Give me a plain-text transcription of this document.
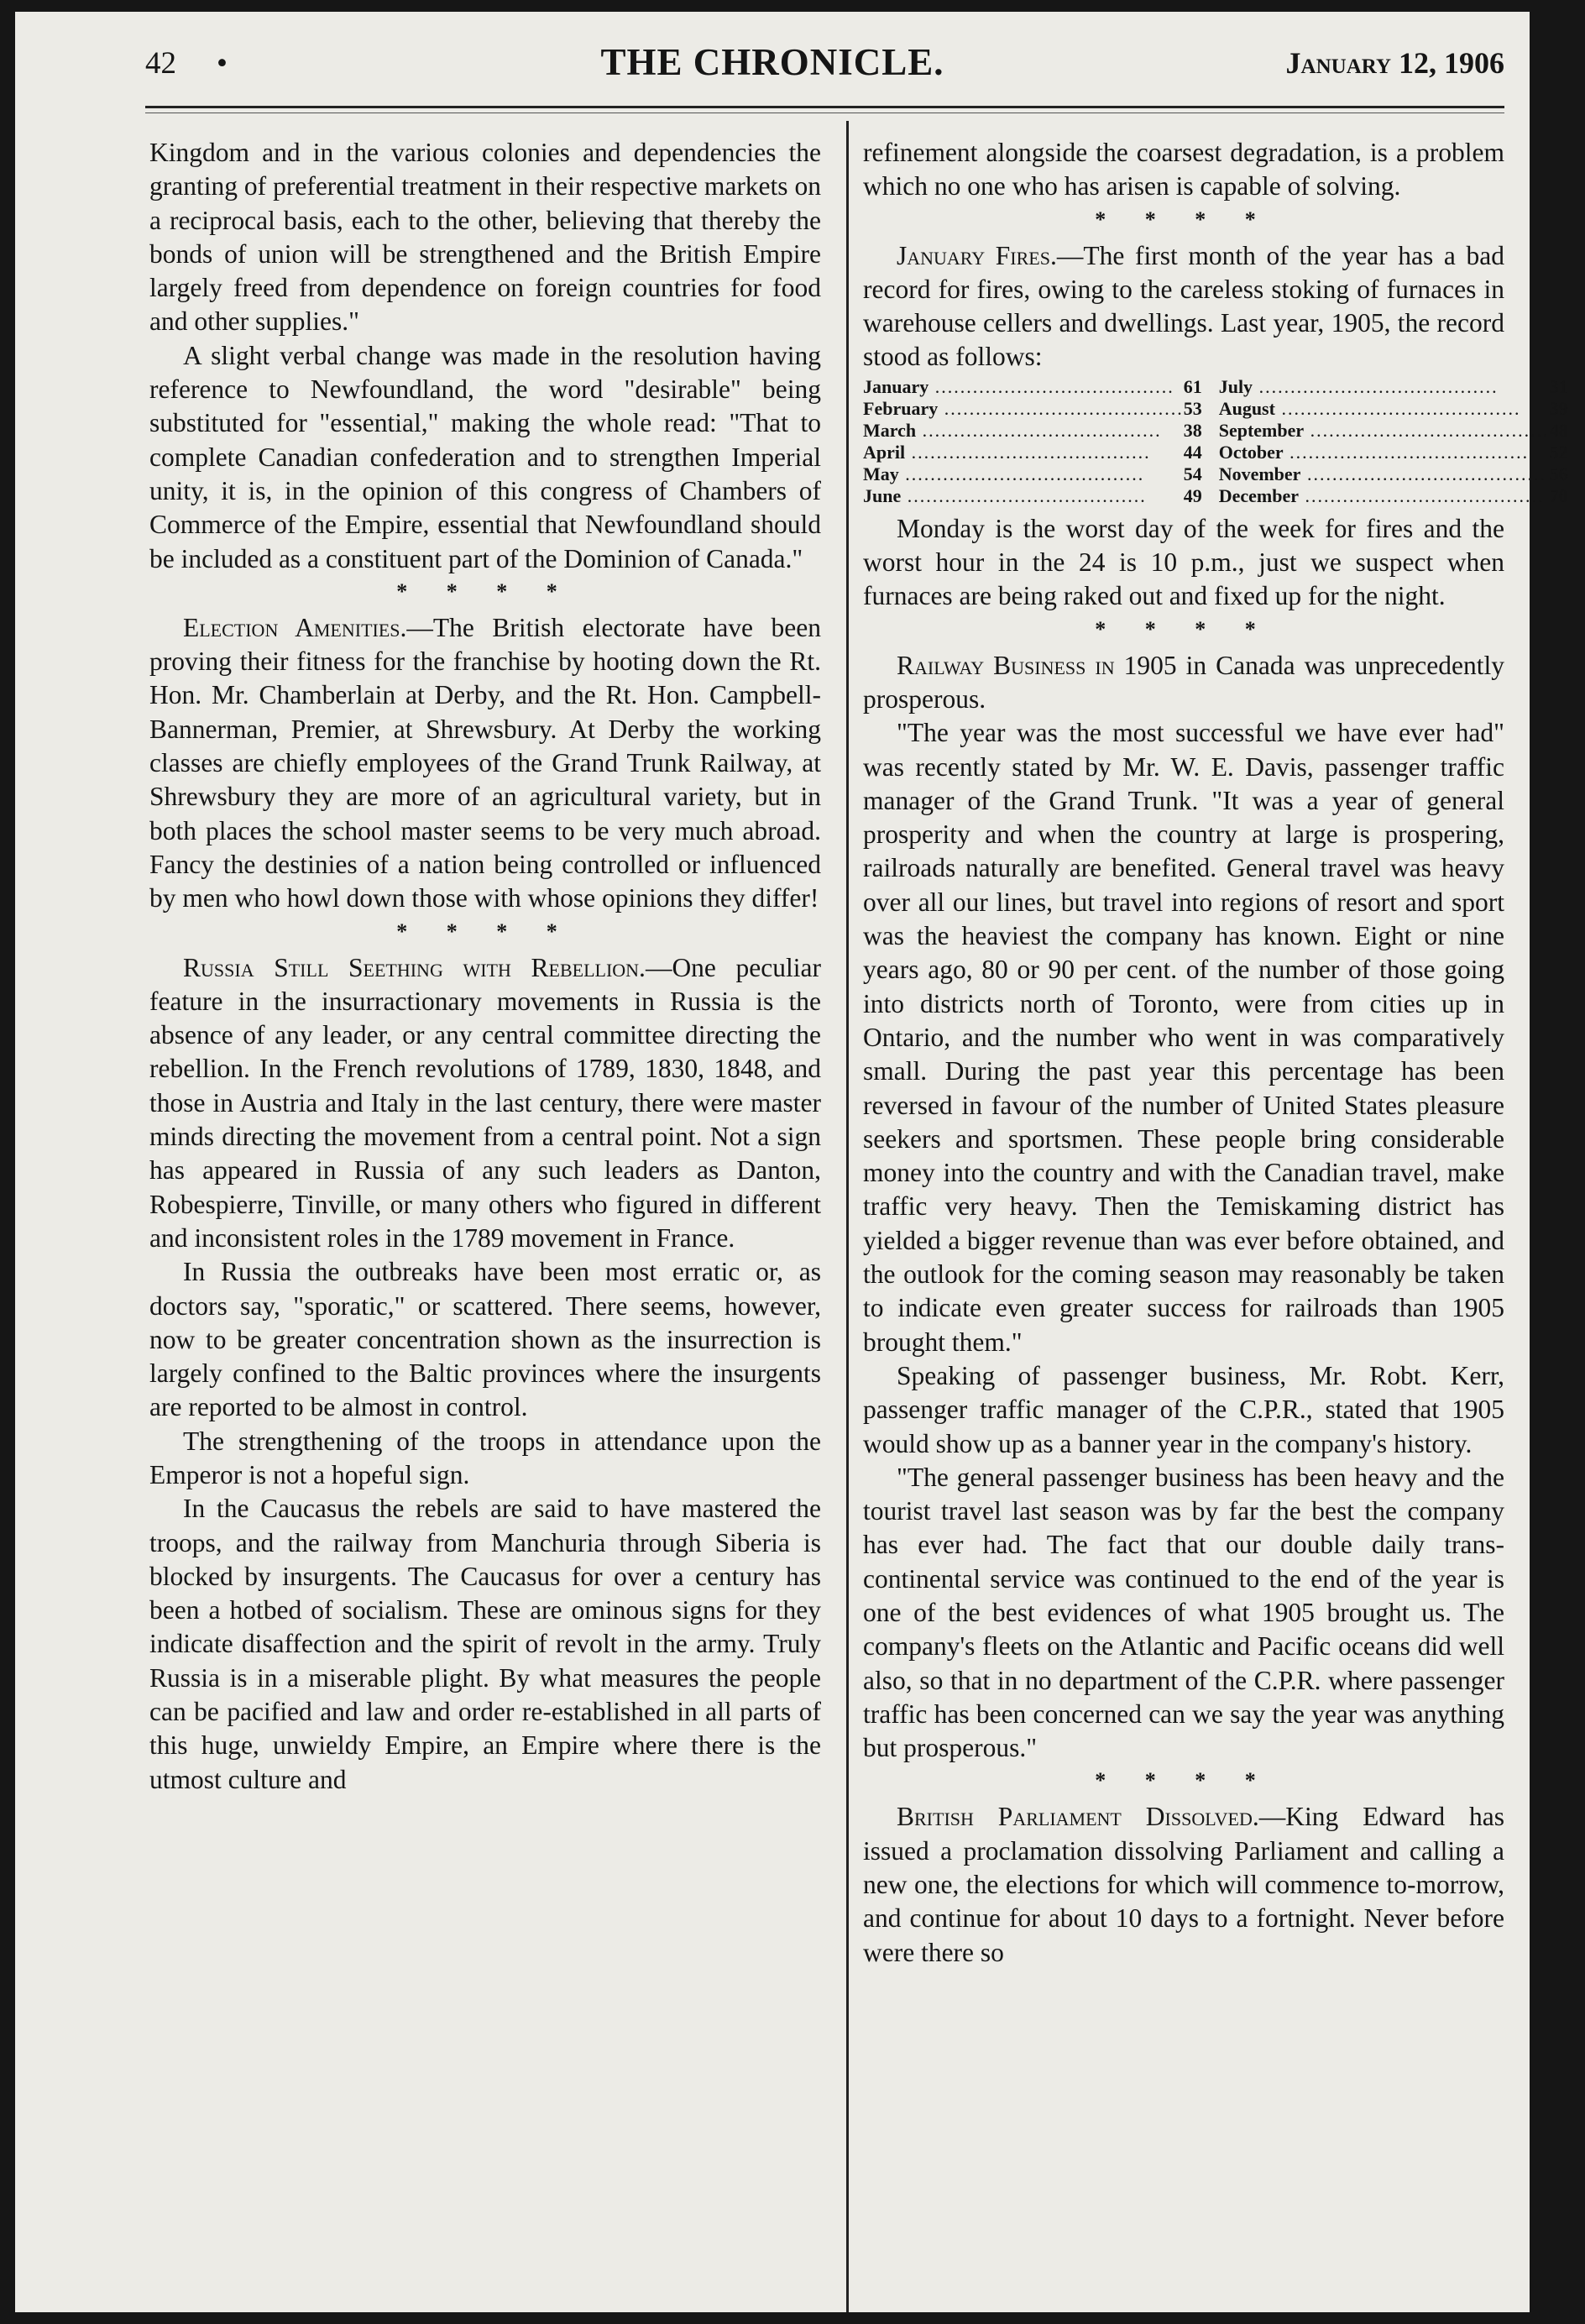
42 •	THE CHRONICLE.	January 12, 1906

Kingdom and in the various colonies and dependencies the granting of preferential treatment in their respective markets on a reciprocal basis, each to the other, believing that thereby the bonds of union will be strengthened and the British Empire largely freed from dependence on foreign countries for food and other supplies."

A slight verbal change was made in the resolution having reference to Newfoundland, the word "desirable" being substituted for "essential," making the whole read: "That to complete Canadian confederation and to strengthen Imperial unity, it is, in the opinion of this congress of Chambers of Commerce of the Empire, essential that Newfoundland should be included as a constituent part of the Dominion of Canada."

* * * *

Election Amenities.—The British electorate have been proving their fitness for the franchise by hooting down the Rt. Hon. Mr. Chamberlain at Derby, and the Rt. Hon. Campbell-Bannerman, Premier, at Shrewsbury. At Derby the working classes are chiefly employees of the Grand Trunk Railway, at Shrewsbury they are more of an agricultural variety, but in both places the school master seems to be very much abroad. Fancy the destinies of a nation being controlled or influenced by men who howl down those with whose opinions they differ!

* * * *

Russia Still Seething with Rebellion.—One peculiar feature in the insurractionary movements in Russia is the absence of any leader, or any central committee directing the rebellion. In the French revolutions of 1789, 1830, 1848, and those in Austria and Italy in the last century, there were master minds directing the movement from a central point. Not a sign has appeared in Russia of any such leaders as Danton, Robespierre, Tinville, or many others who figured in different and inconsistent roles in the 1789 movement in France.

In Russia the outbreaks have been most erratic or, as doctors say, "sporatic," or scattered. There seems, however, now to be greater concentration shown as the insurrection is largely confined to the Baltic provinces where the insurgents are reported to be almost in control.

The strengthening of the troops in attendance upon the Emperor is not a hopeful sign.

In the Caucasus the rebels are said to have mastered the troops, and the railway from Manchuria through Siberia is blocked by insurgents. The Caucasus for over a century has been a hotbed of socialism. These are ominous signs for they indicate disaffection and the spirit of revolt in the army. Truly Russia is in a miserable plight. By what measures the people can be pacified and law and order re-established in all parts of this huge, unwieldy Empire, an Empire where there is the utmost culture and

refinement alongside the coarsest degradation, is a problem which no one who has arisen is capable of solving.

* * * *

January Fires.—The first month of the year has a bad record for fires, owing to the careless stoking of furnaces in warehouse cellers and dwellings. Last year, 1905, the record stood as follows:

January .....	61	July .....	31
February .....	53	August .....	39
March .....	38	September .....	48
April .....	44	October .....	52
May .....	54	November .....	56
June .....	49	December .....	70

Monday is the worst day of the week for fires and the worst hour in the 24 is 10 p.m., just we suspect when furnaces are being raked out and fixed up for the night.

* * * *

Railway Business in 1905 in Canada was unprecedently prosperous.

"The year was the most successful we have ever had" was recently stated by Mr. W. E. Davis, passenger traffic manager of the Grand Trunk. "It was a year of general prosperity and when the country at large is prospering, railroads naturally are benefited. General travel was heavy over all our lines, but travel into regions of resort and sport was the heaviest the company has known. Eight or nine years ago, 80 or 90 per cent. of the number of those going into districts north of Toronto, were from cities up in Ontario, and the number who went in was comparatively small. During the past year this percentage has been reversed in favour of the number of United States pleasure seekers and sportsmen. These people bring considerable money into the country and with the Canadian travel, make traffic very heavy. Then the Temiskaming district has yielded a bigger revenue than was ever before obtained, and the outlook for the coming season may reasonably be taken to indicate even greater success for railroads than 1905 brought them."

Speaking of passenger business, Mr. Robt. Kerr, passenger traffic manager of the C.P.R., stated that 1905 would show up as a banner year in the company's history.

"The general passenger business has been heavy and the tourist travel last season was by far the best the company has ever had. The fact that our double daily trans-continental service was continued to the end of the year is one of the best evidences of what 1905 brought us. The company's fleets on the Atlantic and Pacific oceans did well also, so that in no department of the C.P.R. where passenger traffic has been concerned can we say the year was anything but prosperous."

* * * *

British Parliament Dissolved.—King Edward has issued a proclamation dissolving Parliament and calling a new one, the elections for which will commence to-morrow, and continue for about 10 days to a fortnight. Never before were there so
